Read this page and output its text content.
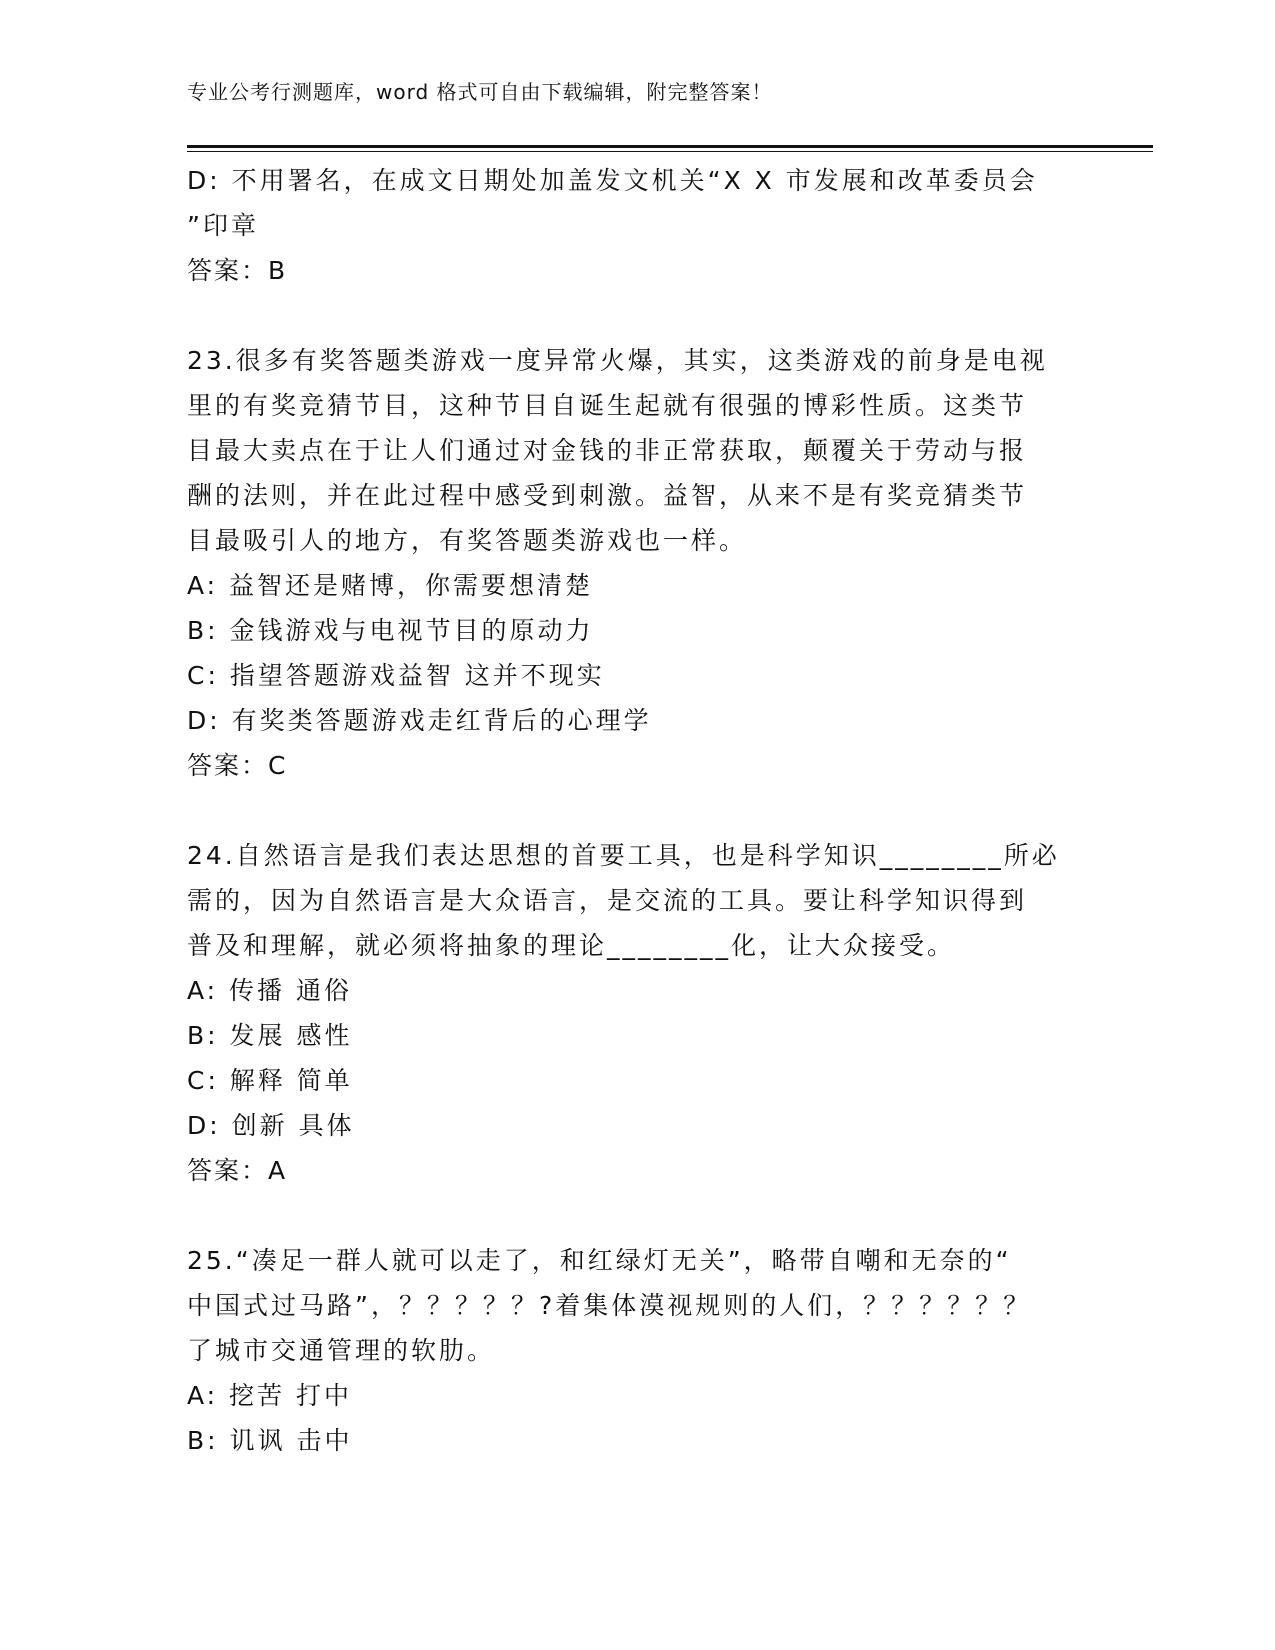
专业公考行测题库，word 格式可自由下载编辑，附完整答案！
D: 不用署名，在成文日期处加盖发文机关“X X 市发展和改革委员会
”印章
答案：B
23.很多有奖答题类游戏一度异常火爆，其实，这类游戏的前身是电视
里的有奖竞猜节目，这种节目自诞生起就有很强的博彩性质。这类节
目最大卖点在于让人们通过对金钱的非正常获取，颠覆关于劳动与报
酬的法则，并在此过程中感受到刺激。益智，从来不是有奖竞猜类节
目最吸引人的地方，有奖答题类游戏也一样。
A: 益智还是赌博，你需要想清楚
B: 金钱游戏与电视节目的原动力
C: 指望答题游戏益智 这并不现实
D: 有奖类答题游戏走红背后的心理学
答案：C
24.自然语言是我们表达思想的首要工具，也是科学知识________所必
需的，因为自然语言是大众语言，是交流的工具。要让科学知识得到
普及和理解，就必须将抽象的理论________化，让大众接受。
A: 传播 通俗
B: 发展 感性
C: 解释 简单
D: 创新 具体
答案：A
25.“凑足一群人就可以走了，和红绿灯无关”，略带自嘲和无奈的“
中国式过马路”，？？？？？?着集体漠视规则的人们，？？？？？？
了城市交通管理的软肋。
A: 挖苦 打中
B: 讥讽 击中
